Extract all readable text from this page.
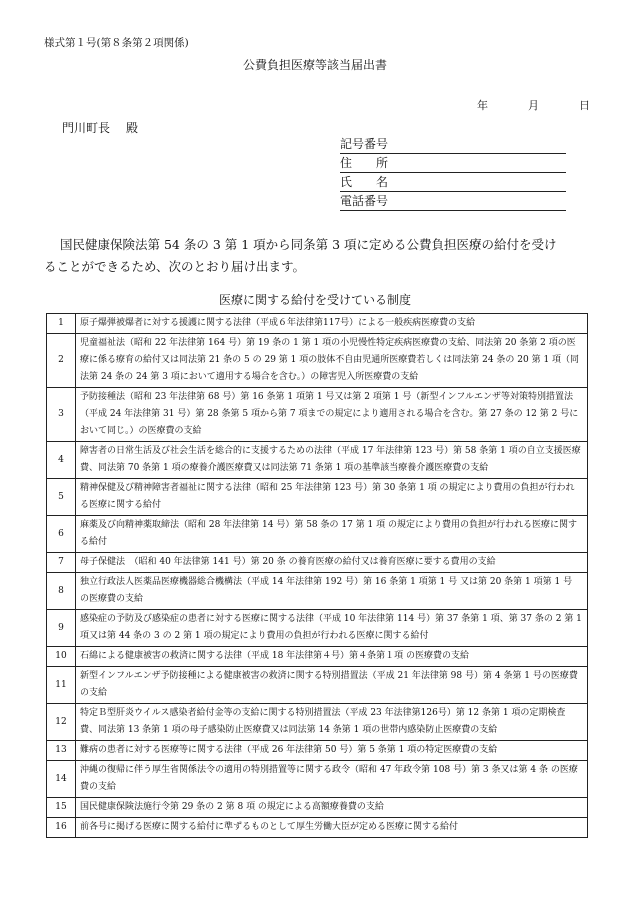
様式第１号(第８条第２項関係)
公費負担医療等該当届出書
年	月	日
門川町長 殿
記号番号
住　　所
氏　　名
電話番号
国民健康保険法第 54 条の 3 第 1 項から同条第 3 項に定める公費負担医療の給付を受け
ることができるため、次のとおり届け出ます。
医療に関する給付を受けている制度
1	原子爆弾被爆者に対する援護に関する法律（平成６年法律第117号）による一般疾病医療費の支給
2	児童福祉法（昭和 22 年法律第 164 号）第 19 条の 1 第 1 項の小児慢性特定疾病医療費の支給、同法第 20 条第 2 項の医療に係る療育の給付又は同法第 21 条の 5 の 29 第 1 項の肢体不自由児通所医療費若しくは同法第 24 条の 20 第 1 項（同法第 24 条の 24 第 3 項において適用する場合を含む。）の障害児入所医療費の支給
3	予防接種法（昭和 23 年法律第 68 号）第 16 条第 1 項第 1 号又は第 2 項第 1 号（新型インフルエンザ等対策特別措置法（平成 24 年法律第 31 号）第 28 条第 5 項から第 7 項までの規定により適用される場合を含む。第 27 条の 12 第 2 号において同じ。）の医療費の支給
4	障害者の日常生活及び社会生活を総合的に支援するための法律（平成 17 年法律第 123 号）第 58 条第 1 項の自立支援医療費、同法第 70 条第 1 項の療養介護医療費又は同法第 71 条第 1 項の基準該当療養介護医療費の支給
5	精神保健及び精神障害者福祉に関する法律（昭和 25 年法律第 123 号）第 30 条第 1 項 の規定により費用の負担が行われる医療に関する給付
6	麻薬及び向精神薬取締法（昭和 28 年法律第 14 号）第 58 条の 17 第 1 項 の規定により費用の負担が行われる医療に関する給付
7	母子保健法　（昭和 40 年法律第 141 号）第 20 条 の養育医療の給付又は養育医療に要する費用の支給
8	独立行政法人医薬品医療機器総合機構法（平成 14 年法律第 192 号）第 16 条第 1 項第 1 号 又は第 20 条第 1 項第 1 号 の医療費の支給
9	感染症の予防及び感染症の患者に対する医療に関する法律（平成 10 年法律第 114 号）第 37 条第 1 項、第 37 条の 2 第 1 項又は第 44 条の 3 の 2 第 1 項の規定により費用の負担が行われる医療に関する給付
10	石綿による健康被害の救済に関する法律（平成 18 年法律第４号）第４条第１項 の医療費の支給
11	新型インフルエンザ予防接種による健康被害の救済に関する特別措置法（平成 21 年法律第 98 号）第 4 条第 1 号の医療費の支給
12	特定Ｂ型肝炎ウイルス感染者給付金等の支給に関する特別措置法（平成 23 年法律第126号）第 12 条第 1 項の定期検査費、同法第 13 条第 1 項の母子感染防止医療費又は同法第 14 条第 1 項の世帯内感染防止医療費の支給
13	難病の患者に対する医療等に関する法律（平成 26 年法律第 50 号）第 5 条第 1 項の特定医療費の支給
14	沖縄の復帰に伴う厚生省関係法令の適用の特別措置等に関する政令（昭和 47 年政令第 108 号）第 3 条又は第 4 条 の医療費の支給
15	国民健康保険法施行令第 29 条の 2 第 8 項 の規定による高額療養費の支給
16	前各号に掲げる医療に関する給付に準ずるものとして厚生労働大臣が定める医療に関する給付
